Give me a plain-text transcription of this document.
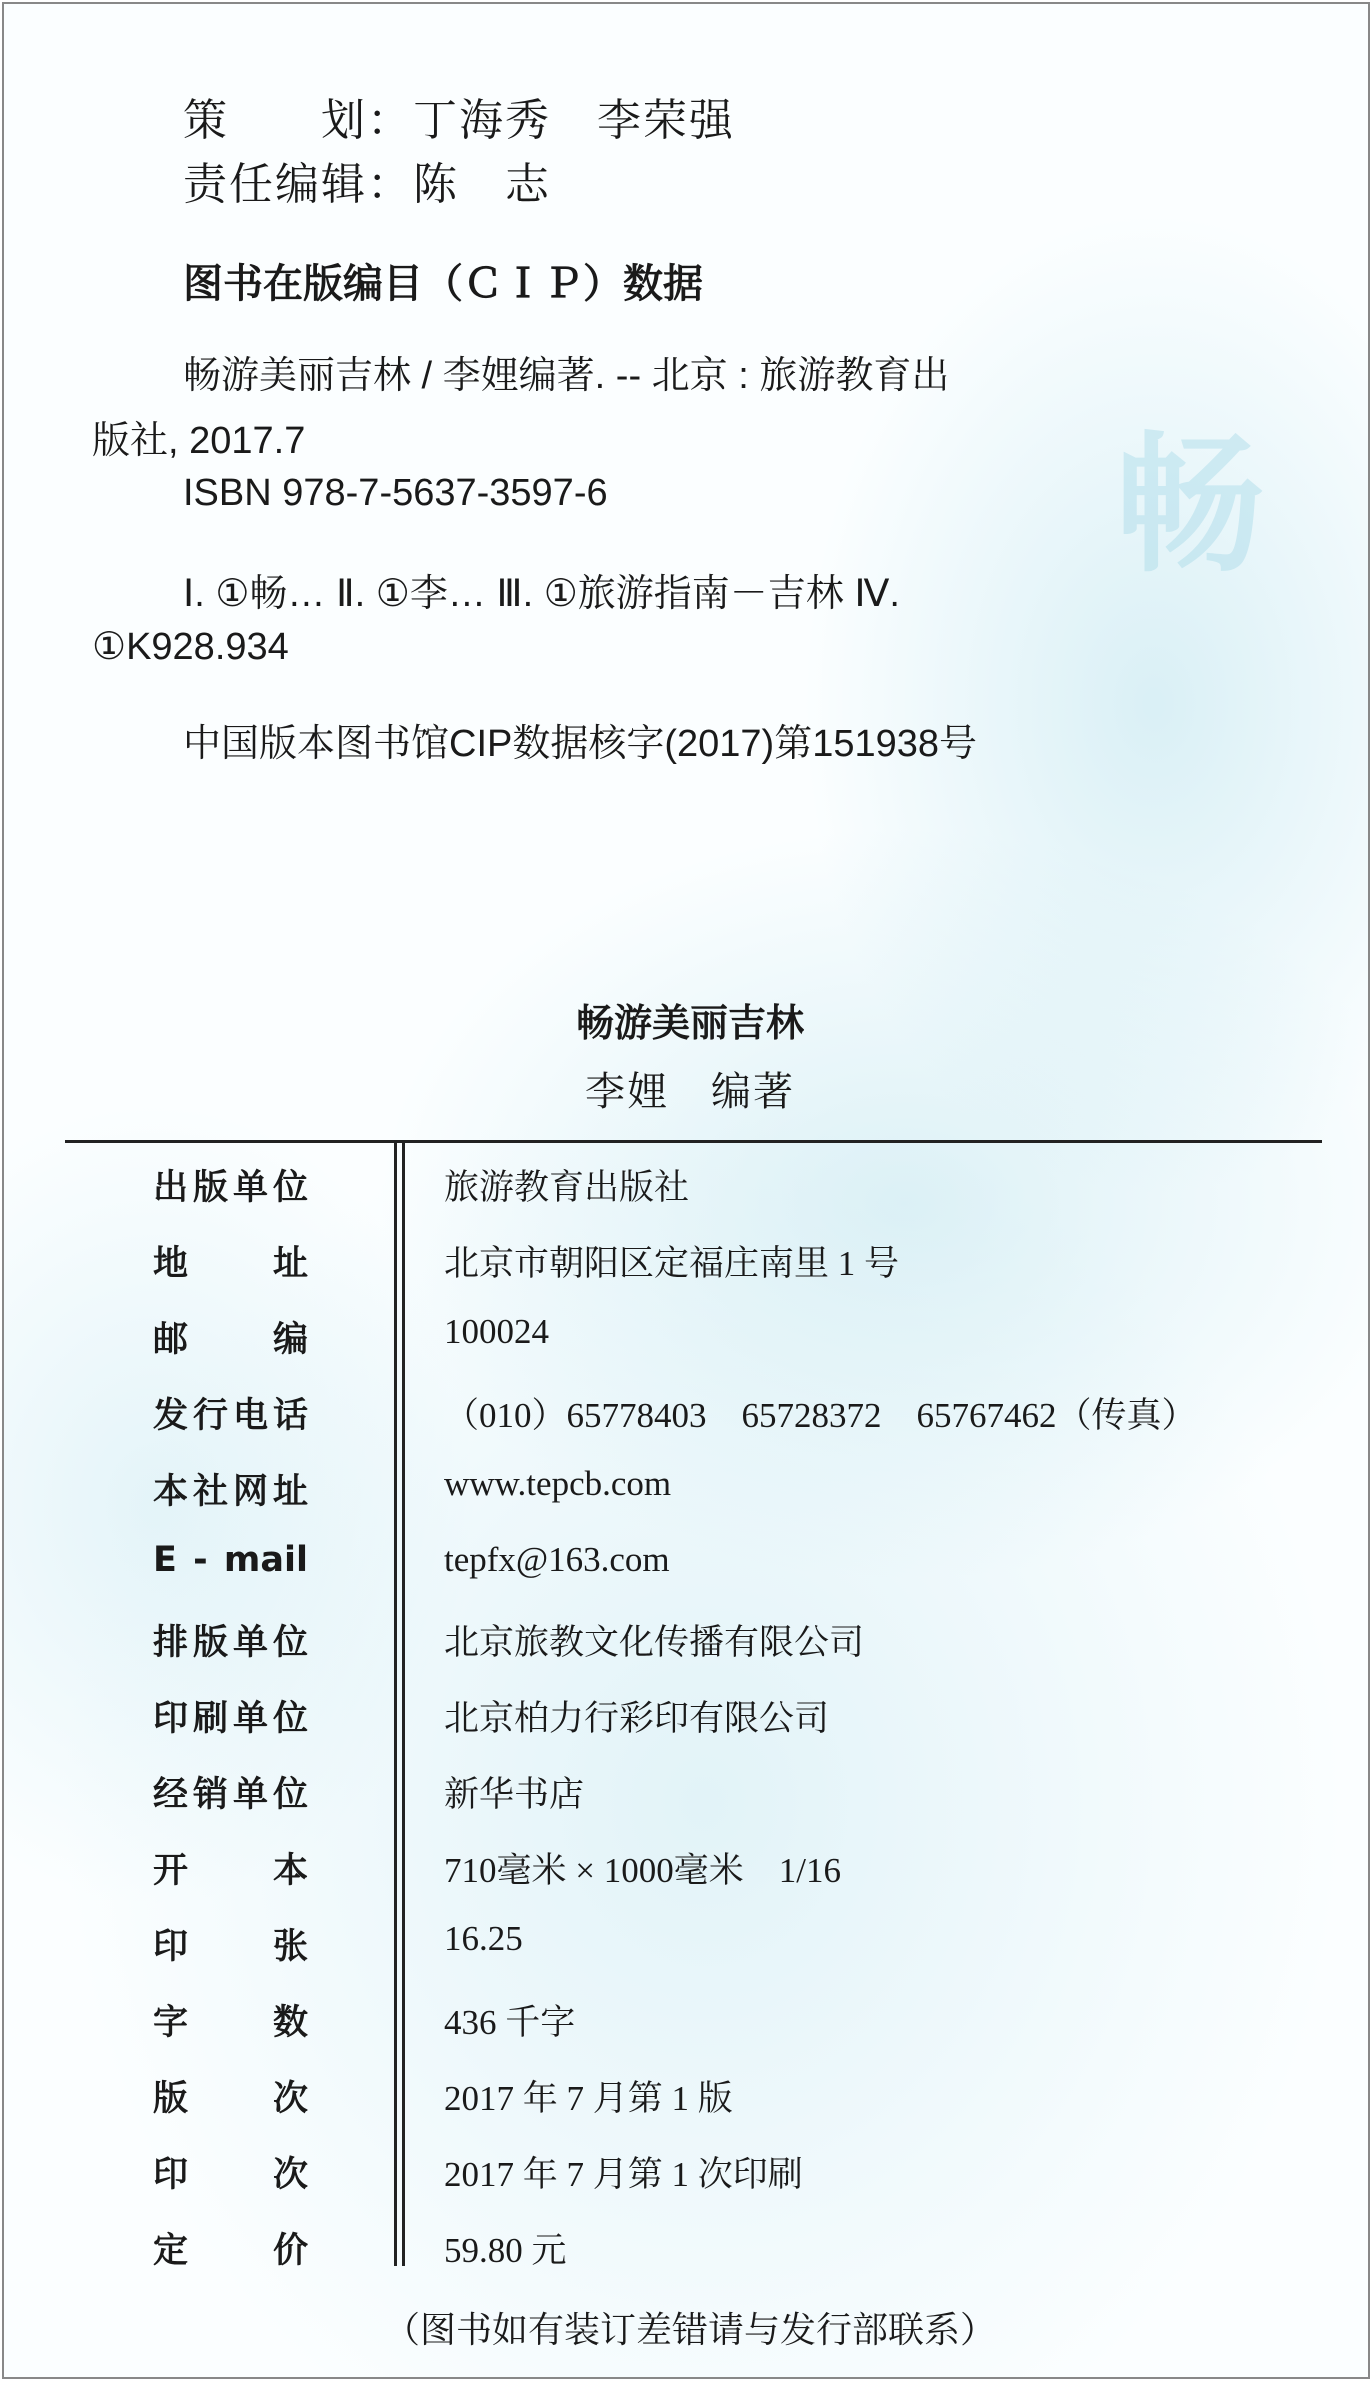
畅
策　　划：丁海秀　李荣强
责任编辑：陈　志
图书在版编目（ＣＩＰ）数据
畅游美丽吉林 / 李娌编著. -- 北京 : 旅游教育出
版社, 2017.7
ISBN 978-7-5637-3597-6
Ⅰ. ①畅… Ⅱ. ①李… Ⅲ. ①旅游指南－吉林 Ⅳ.
①K928.934
中国版本图书馆CIP数据核字(2017)第151938号
畅游美丽吉林
李娌　编著
出版单位	旅游教育出版社
地址	北京市朝阳区定福庄南里 1 号
邮编	100024
发行电话	（010）65778403　65728372　65767462（传真）
本社网址	www.tepcb.com
E - mail	tepfx@163.com
排版单位	北京旅教文化传播有限公司
印刷单位	北京柏力行彩印有限公司
经销单位	新华书店
开本	710毫米 × 1000毫米　1/16
印张	16.25
字数	436 千字
版次	2017 年 7 月第 1 版
印次	2017 年 7 月第 1 次印刷
定价	59.80 元
（图书如有装订差错请与发行部联系）
